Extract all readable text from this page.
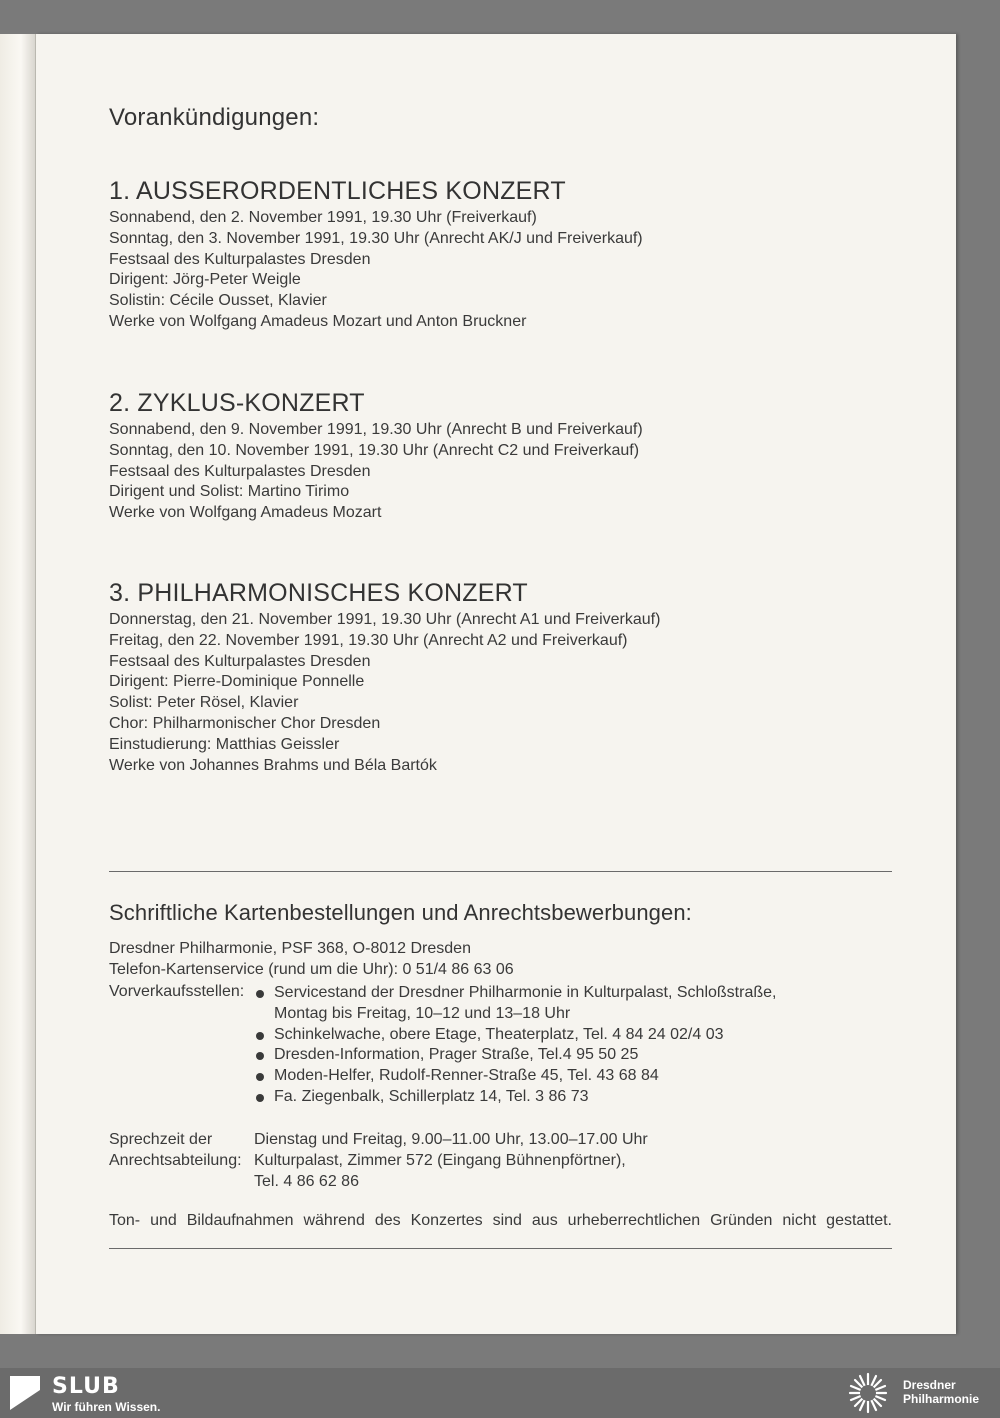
Vorankündigungen:
1. AUSSERORDENTLICHES KONZERT
Sonnabend, den 2. November 1991, 19.30 Uhr (Freiverkauf)
Sonntag, den 3. November 1991, 19.30 Uhr (Anrecht AK/J und Freiverkauf)
Festsaal des Kulturpalastes Dresden
Dirigent: Jörg-Peter Weigle
Solistin: Cécile Ousset, Klavier
Werke von Wolfgang Amadeus Mozart und Anton Bruckner
2. ZYKLUS-KONZERT
Sonnabend, den 9. November 1991, 19.30 Uhr (Anrecht B und Freiverkauf)
Sonntag, den 10. November 1991, 19.30 Uhr (Anrecht C2 und Freiverkauf)
Festsaal des Kulturpalastes Dresden
Dirigent und Solist: Martino Tirimo
Werke von Wolfgang Amadeus Mozart
3. PHILHARMONISCHES KONZERT
Donnerstag, den 21. November 1991, 19.30 Uhr (Anrecht A1 und Freiverkauf)
Freitag, den 22. November 1991, 19.30 Uhr (Anrecht A2 und Freiverkauf)
Festsaal des Kulturpalastes Dresden
Dirigent: Pierre-Dominique Ponnelle
Solist: Peter Rösel, Klavier
Chor: Philharmonischer Chor Dresden
Einstudierung: Matthias Geissler
Werke von Johannes Brahms und Béla Bartók
Schriftliche Kartenbestellungen und Anrechtsbewerbungen:
Dresdner Philharmonie, PSF 368, O-8012 Dresden
Telefon-Kartenservice (rund um die Uhr): 0 51/4 86 63 06
Vorverkaufsstellen: Servicestand der Dresdner Philharmonie in Kulturpalast, Schloßstraße,
Montag bis Freitag, 10–12 und 13–18 Uhr
Schinkelwache, obere Etage, Theaterplatz, Tel. 4 84 24 02/4 03
Dresden-Information, Prager Straße, Tel.4 95 50 25
Moden-Helfer, Rudolf-Renner-Straße 45, Tel. 43 68 84
Fa. Ziegenbalk, Schillerplatz 14, Tel. 3 86 73
Sprechzeit der
Anrechtsabteilung:
Dienstag und Freitag, 9.00–11.00 Uhr, 13.00–17.00 Uhr
Kulturpalast, Zimmer 572 (Eingang Bühnenpförtner),
Tel. 4 86 62 86
Ton- und Bildaufnahmen während des Konzertes sind aus urheberrechtlichen Gründen nicht gestattet.
SLUB
Wir führen Wissen.
Dresdner
Philharmonie
